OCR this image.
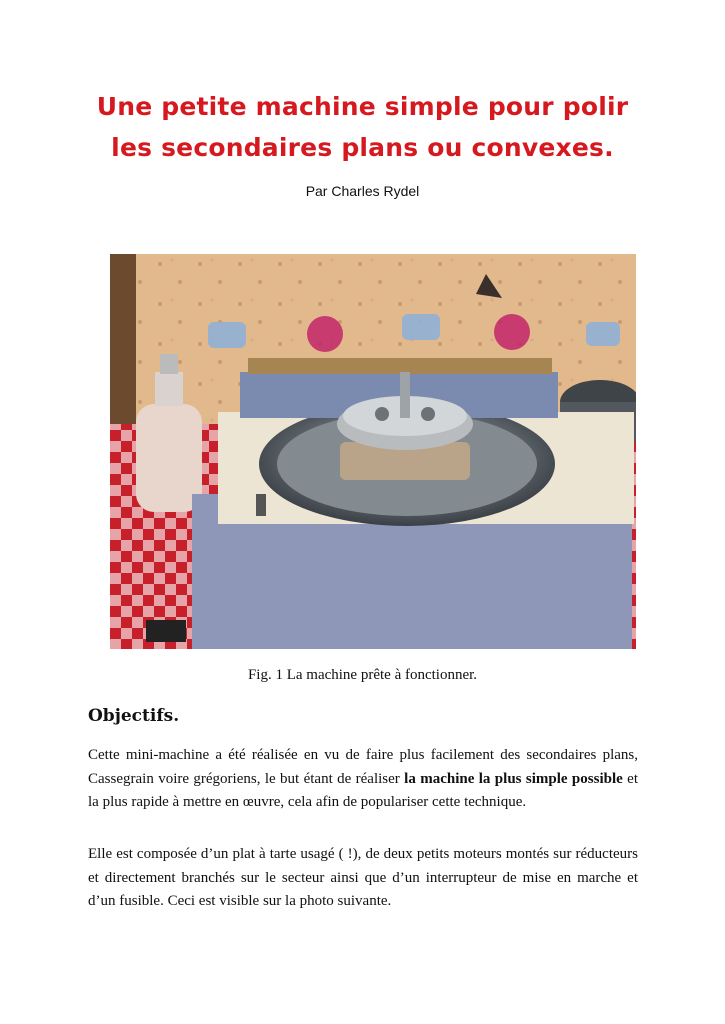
Une petite machine simple pour polir
les secondaires plans ou convexes.
Par Charles Rydel
Fig. 1 La machine prête à fonctionner.
Objectifs.

Cette mini-machine a été réalisée en vu de faire plus facilement des secondaires plans, Cassegrain voire grégoriens, le but étant de réaliser la machine la plus simple possible et la plus rapide à mettre en œuvre, cela afin de populariser cette technique.

Elle est composée d’un plat à tarte usagé ( !), de deux petits moteurs montés sur réducteurs et directement branchés sur le secteur ainsi que d’un interrupteur de mise en marche et d’un fusible. Ceci est visible sur la photo suivante.
